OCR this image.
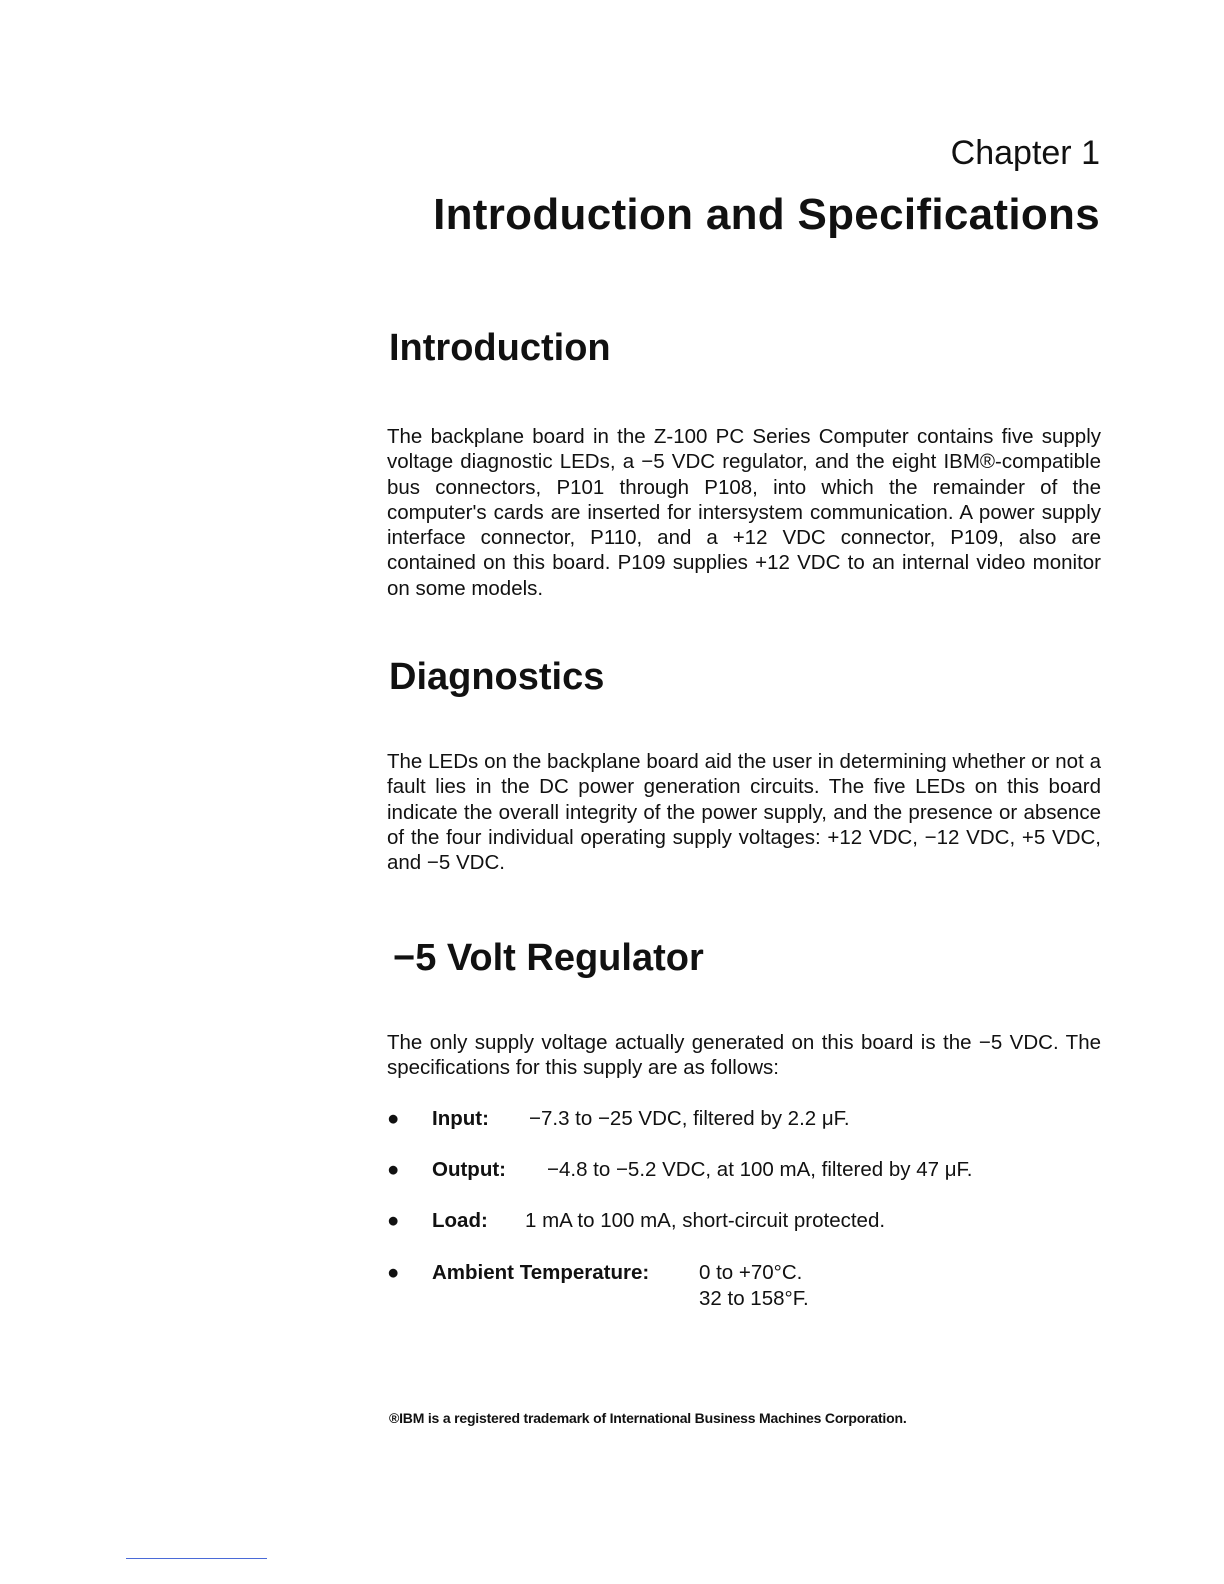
Chapter 1
Introduction and Specifications
Introduction

The backplane board in the Z-100 PC Series Computer contains five supply voltage diagnostic LEDs, a −5 VDC regulator, and the eight IBM®-compatible bus connectors, P101 through P108, into which the remainder of the computer's cards are inserted for intersystem communication. A power supply interface connector, P110, and a +12 VDC connector, P109, also are contained on this board. P109 supplies +12 VDC to an internal video monitor on some models.

Diagnostics

The LEDs on the backplane board aid the user in determining whether or not a fault lies in the DC power generation circuits. The five LEDs on this board indicate the overall integrity of the power supply, and the presence or absence of the four individual operating supply voltages: +12 VDC, −12 VDC, +5 VDC, and −5 VDC.

−5 Volt Regulator

The only supply voltage actually generated on this board is the −5 VDC. The specifications for this supply are as follows:

● Input: −7.3 to −25 VDC, filtered by 2.2 μF.
● Output: −4.8 to −5.2 VDC, at 100 mA, filtered by 47 μF.
● Load: 1 mA to 100 mA, short-circuit protected.
● Ambient Temperature: 0 to +70°C.
32 to 158°F.
®IBM is a registered trademark of International Business Machines Corporation.
